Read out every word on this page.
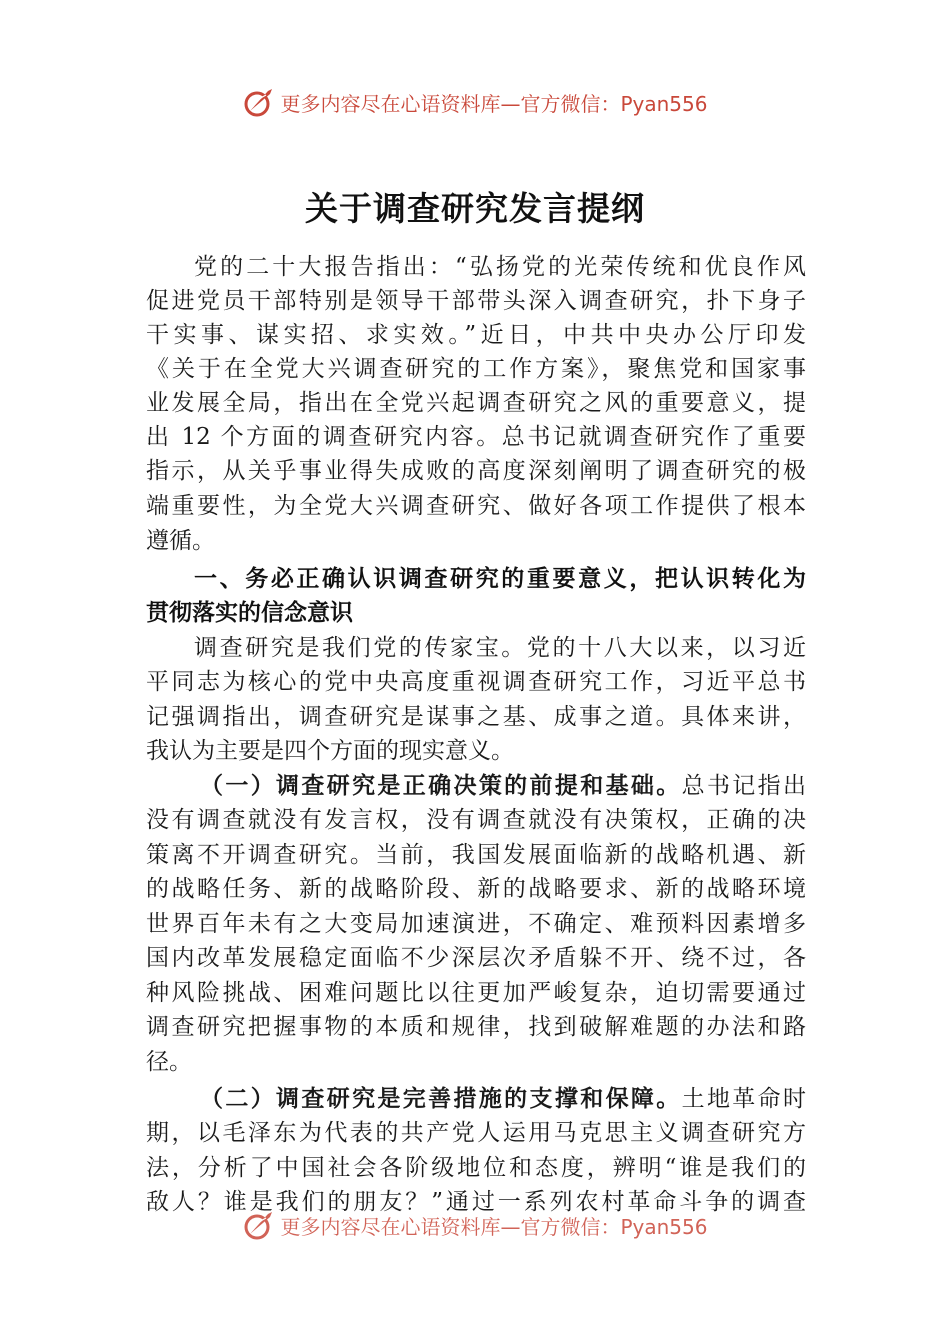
更多内容尽在心语资料库—官方微信：Pyan556
关于调查研究发言提纲
党的二十大报告指出：“弘扬党的光荣传统和优良作风
促进党员干部特别是领导干部带头深入调查研究，扑下身子
干实事、谋实招、求实效。”近日，中共中央办公厅印发
《关于在全党大兴调查研究的工作方案》，聚焦党和国家事
业发展全局，指出在全党兴起调查研究之风的重要意义，提
出 12 个方面的调查研究内容。总书记就调查研究作了重要
指示，从关乎事业得失成败的高度深刻阐明了调查研究的极
端重要性，为全党大兴调查研究、做好各项工作提供了根本
遵循。
一、务必正确认识调查研究的重要意义，把认识转化为
贯彻落实的信念意识
调查研究是我们党的传家宝。党的十八大以来，以习近
平同志为核心的党中央高度重视调查研究工作，习近平总书
记强调指出，调查研究是谋事之基、成事之道。具体来讲，
我认为主要是四个方面的现实意义。
（一）调查研究是正确决策的前提和基础。总书记指出
没有调查就没有发言权，没有调查就没有决策权，正确的决
策离不开调查研究。当前，我国发展面临新的战略机遇、新
的战略任务、新的战略阶段、新的战略要求、新的战略环境
世界百年未有之大变局加速演进，不确定、难预料因素增多
国内改革发展稳定面临不少深层次矛盾躲不开、绕不过，各
种风险挑战、困难问题比以往更加严峻复杂，迫切需要通过
调查研究把握事物的本质和规律，找到破解难题的办法和路
径。
（二）调查研究是完善措施的支撑和保障。土地革命时
期，以毛泽东为代表的共产党人运用马克思主义调查研究方
法，分析了中国社会各阶级地位和态度，辨明“谁是我们的
敌人？谁是我们的朋友？”通过一系列农村革命斗争的调查
更多内容尽在心语资料库—官方微信：Pyan556
